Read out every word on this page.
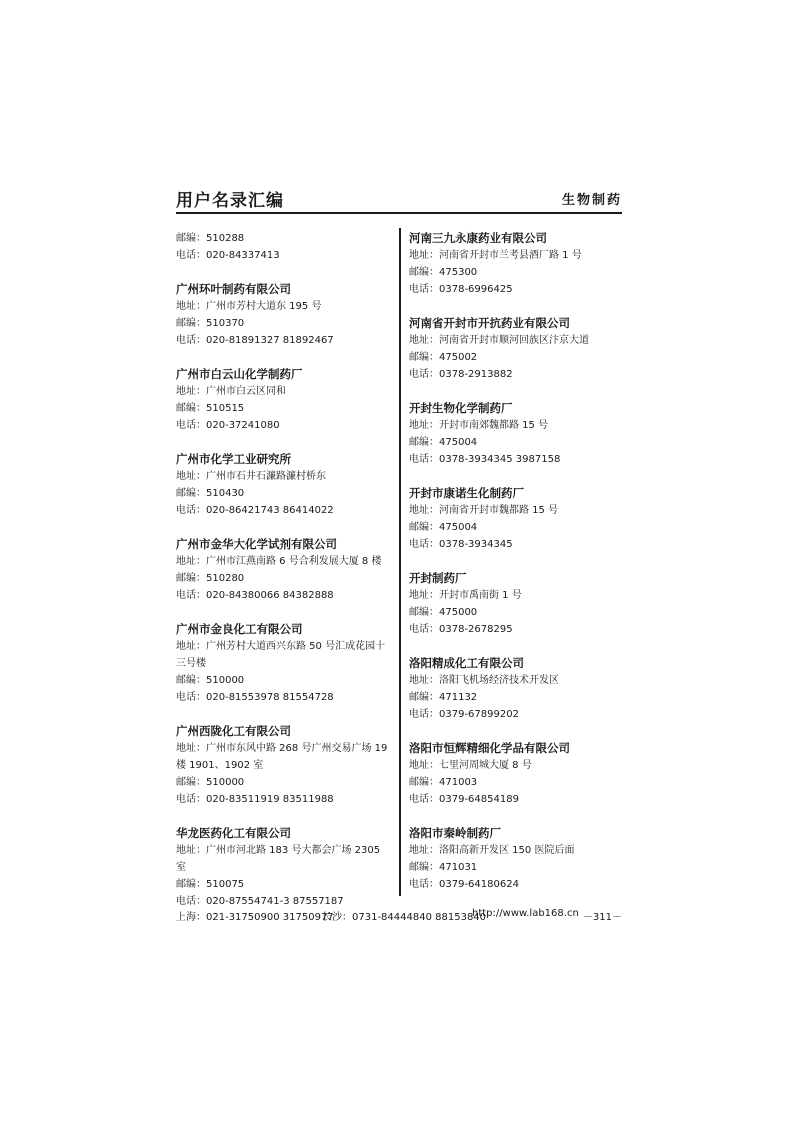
用户名录汇编	生物制药
邮编：510288
电话：020-84337413
广州环叶制药有限公司
地址：广州市芳村大道东 195 号
邮编：510370
电话：020-81891327 81892467
广州市白云山化学制药厂
地址：广州市白云区同和
邮编：510515
电话：020-37241080
广州市化学工业研究所
地址：广州市石井石濂路濂村桥东
邮编：510430
电话：020-86421743 86414022
广州市金华大化学试剂有限公司
地址：广州市江燕南路 6 号合利发展大厦 8 楼
邮编：510280
电话：020-84380066 84382888
广州市金良化工有限公司
地址：广州芳村大道西兴东路 50 号汇成花园十三号楼
邮编：510000
电话：020-81553978 81554728
广州西陇化工有限公司
地址：广州市东风中路 268 号广州交易广场 19 楼 1901、1902 室
邮编：510000
电话：020-83511919 83511988
华龙医药化工有限公司
地址：广州市河北路 183 号大都会广场 2305 室
邮编：510075
电话：020-87554741-3 87557187
河南三九永康药业有限公司
地址：河南省开封市兰考县酒厂路 1 号
邮编：475300
电话：0378-6996425
河南省开封市开抗药业有限公司
地址：河南省开封市顺河回族区汴京大道
邮编：475002
电话：0378-2913882
开封生物化学制药厂
地址：开封市南郊魏都路 15 号
邮编：475004
电话：0378-3934345 3987158
开封市康诺生化制药厂
地址：河南省开封市魏都路 15 号
邮编：475004
电话：0378-3934345
开封制药厂
地址：开封市禹南街 1 号
邮编：475000
电话：0378-2678295
洛阳精成化工有限公司
地址：洛阳飞机场经济技术开发区
邮编：471132
电话：0379-67899202
洛阳市恒辉精细化学品有限公司
地址：七里河周城大厦 8 号
邮编：471003
电话：0379-64854189
洛阳市秦岭制药厂
地址：洛阳高新开发区 150 医院后面
邮编：471031
电话：0379-64180624
上海：021-31750900 31750977
长沙：0731-84444840 88153840
http://www.lab168.cn －311－
